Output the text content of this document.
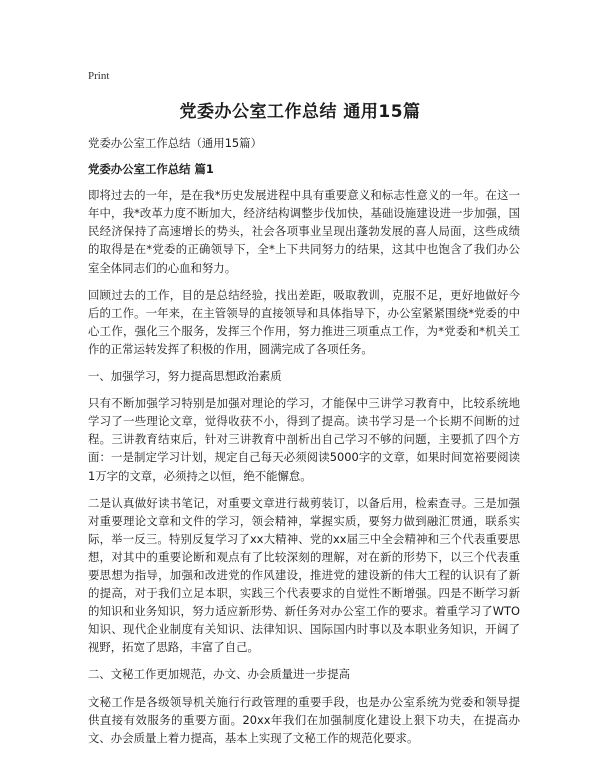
Print
党委办公室工作总结 通用15篇

党委办公室工作总结（通用15篇）

党委办公室工作总结 篇1

即将过去的一年，是在我*历史发展进程中具有重要意义和标志性意义的一年。在这一年中，我*改革力度不断加大，经济结构调整步伐加快，基础设施建设进一步加强，国民经济保持了高速增长的势头，社会各项事业呈现出蓬勃发展的喜人局面，这些成绩的取得是在*党委的正确领导下，全*上下共同努力的结果，这其中也饱含了我们办公室全体同志们的心血和努力。

回顾过去的工作，目的是总结经验，找出差距，吸取教训，克服不足，更好地做好今后的工作。一年来，在主管领导的直接领导和具体指导下，办公室紧紧围绕*党委的中心工作，强化三个服务，发挥三个作用，努力推进三项重点工作，为*党委和*机关工作的正常运转发挥了积极的作用，圆满完成了各项任务。

一、加强学习，努力提高思想政治素质

只有不断加强学习特别是加强对理论的学习，才能保中三讲学习教育中，比较系统地学习了一些理论文章，觉得收获不小，得到了提高。读书学习是一个长期不间断的过程。三讲教育结束后，针对三讲教育中剖析出自己学习不够的问题，主要抓了四个方面：一是制定学习计划，规定自己每天必须阅读5000字的文章，如果时间宽裕要阅读1万字的文章，必须持之以恒，绝不能懈怠。

二是认真做好读书笔记，对重要文章进行裁剪装订，以备后用，检索查寻。三是加强对重要理论文章和文件的学习，领会精神，掌握实质，要努力做到融汇贯通，联系实际，举一反三。特别反复学习了xx大精神、党的xx届三中全会精神和三个代表重要思想，对其中的重要论断和观点有了比较深刻的理解，对在新的形势下，以三个代表重要思想为指导，加强和改进党的作风建设，推进党的建设新的伟大工程的认识有了新的提高，对于我们立足本职，实践三个代表要求的自觉性不断增强。四是不断学习新的知识和业务知识，努力适应新形势、新任务对办公室工作的要求。着重学习了WTO知识、现代企业制度有关知识、法律知识、国际国内时事以及本职业务知识，开阔了视野，拓宽了思路，丰富了自己。

二、文秘工作更加规范，办文、办会质量进一步提高

文秘工作是各级领导机关施行行政管理的重要手段，也是办公室系统为党委和领导提供直接有效服务的重要方面。20xx年我们在加强制度化建设上狠下功夫，在提高办文、办会质量上着力提高，基本上实现了文秘工作的规范化要求。
